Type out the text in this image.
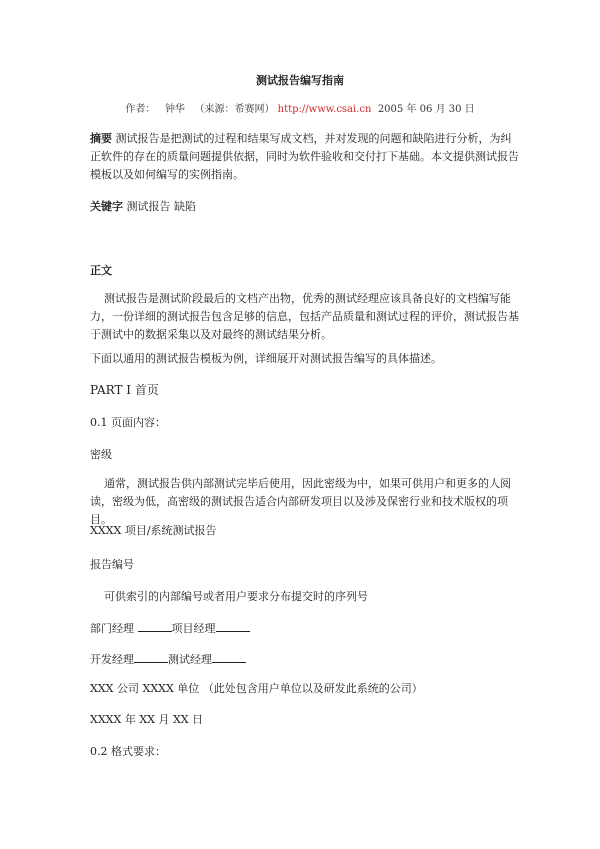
测试报告编写指南
作者： 钟华 （来源：希赛网） http://www.csai.cn 2005 年 06 月 30 日
摘要 测试报告是把测试的过程和结果写成文档，并对发现的问题和缺陷进行分析，为纠正软件的存在的质量问题提供依据，同时为软件验收和交付打下基础。本文提供测试报告模板以及如何编写的实例指南。
关键字 测试报告 缺陷
正文
测试报告是测试阶段最后的文档产出物，优秀的测试经理应该具备良好的文档编写能力，一份详细的测试报告包含足够的信息，包括产品质量和测试过程的评价，测试报告基于测试中的数据采集以及对最终的测试结果分析。
下面以通用的测试报告模板为例，详细展开对测试报告编写的具体描述。
PART Ⅰ 首页
0.1 页面内容：
密级
通常，测试报告供内部测试完毕后使用，因此密级为中，如果可供用户和更多的人阅读，密级为低，高密级的测试报告适合内部研发项目以及涉及保密行业和技术版权的项目。
XXXX 项目/系统测试报告
报告编号
可供索引的内部编号或者用户要求分布提交时的序列号
部门经理	项目经理
开发经理	测试经理
XXX 公司 XXXX 单位 （此处包含用户单位以及研发此系统的公司）
XXXX 年 XX 月 XX 日
0.2 格式要求：
